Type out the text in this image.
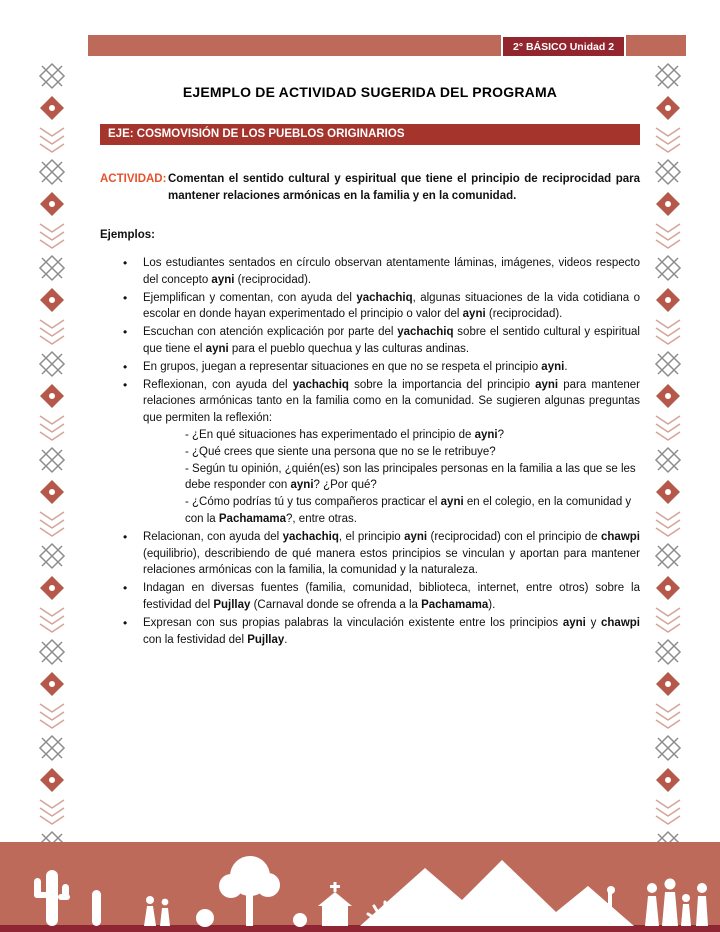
2° BÁSICO Unidad 2
EJEMPLO DE ACTIVIDAD SUGERIDA DEL PROGRAMA
EJE: COSMOVISIÓN DE LOS PUEBLOS ORIGINARIOS

ACTIVIDAD: Comentan el sentido cultural y espiritual que tiene el principio de reciprocidad para mantener relaciones armónicas en la familia y en la comunidad.

Ejemplos:

• Los estudiantes sentados en círculo observan atentamente láminas, imágenes, videos respecto del concepto ayni (reciprocidad).
• Ejemplifican y comentan, con ayuda del yachachiq, algunas situaciones de la vida cotidiana o escolar en donde hayan experimentado el principio o valor del ayni (reciprocidad).
• Escuchan con atención explicación por parte del yachachiq sobre el sentido cultural y espiritual que tiene el ayni para el pueblo quechua y las culturas andinas.
• En grupos, juegan a representar situaciones en que no se respeta el principio ayni.
• Reflexionan, con ayuda del yachachiq sobre la importancia del principio ayni para mantener relaciones armónicas tanto en la familia como en la comunidad. Se sugieren algunas preguntas que permiten la reflexión:
- ¿En qué situaciones has experimentado el principio de ayni?
- ¿Qué crees que siente una persona que no se le retribuye?
- Según tu opinión, ¿quién(es) son las principales personas en la familia a las que se les debe responder con ayni? ¿Por qué?
- ¿Cómo podrías tú y tus compañeros practicar el ayni en el colegio, en la comunidad y con la Pachamama?, entre otras.
• Relacionan, con ayuda del yachachiq, el principio ayni (reciprocidad) con el principio de chawpi (equilibrio), describiendo de qué manera estos principios se vinculan y aportan para mantener relaciones armónicas con la familia, la comunidad y la naturaleza.
• Indagan en diversas fuentes (familia, comunidad, biblioteca, internet, entre otros) sobre la festividad del Pujllay (Carnaval donde se ofrenda a la Pachamama).
• Expresan con sus propias palabras la vinculación existente entre los principios ayni y chawpi con la festividad del Pujllay.
